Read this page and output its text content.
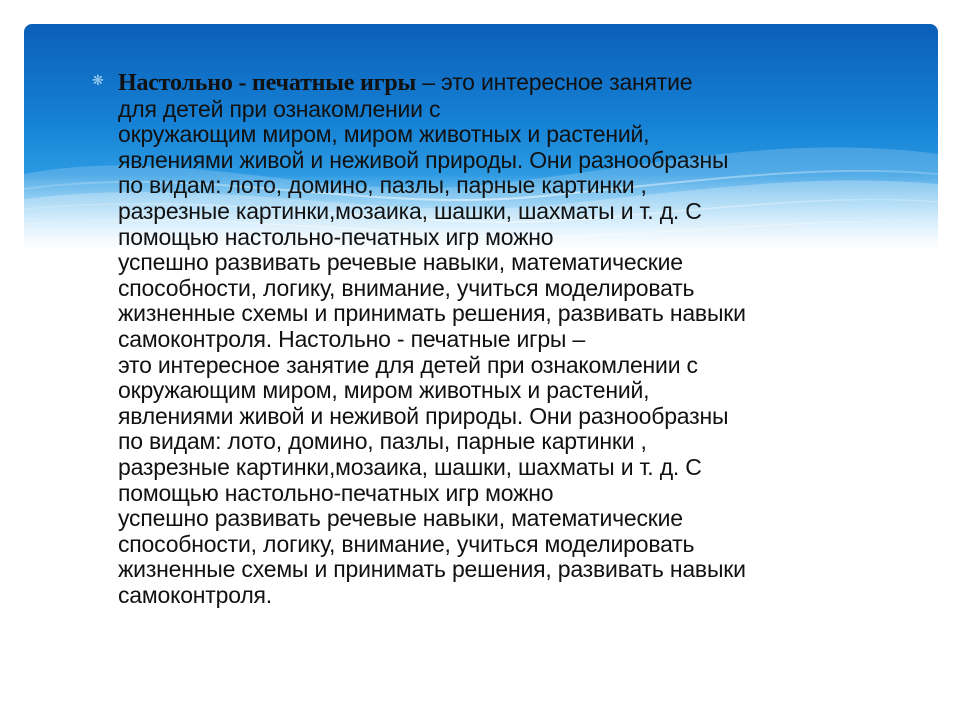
❋ Настольно - печатные игры – это интересное занятие
для детей при ознакомлении с
окружающим миром, миром животных и растений,
явлениями живой и неживой природы. Они разнообразны
по видам: лото, домино, пазлы, парные картинки ,
разрезные картинки,мозаика, шашки, шахматы и т. д. С
помощью настольно-печатных игр можно
успешно развивать речевые навыки, математические
способности, логику, внимание, учиться моделировать
жизненные схемы и принимать решения, развивать навыки
самоконтроля. Настольно - печатные игры –
это интересное занятие для детей при ознакомлении с
окружающим миром, миром животных и растений,
явлениями живой и неживой природы. Они разнообразны
по видам: лото, домино, пазлы, парные картинки ,
разрезные картинки,мозаика, шашки, шахматы и т. д. С
помощью настольно-печатных игр можно
успешно развивать речевые навыки, математические
способности, логику, внимание, учиться моделировать
жизненные схемы и принимать решения, развивать навыки
самоконтроля.
